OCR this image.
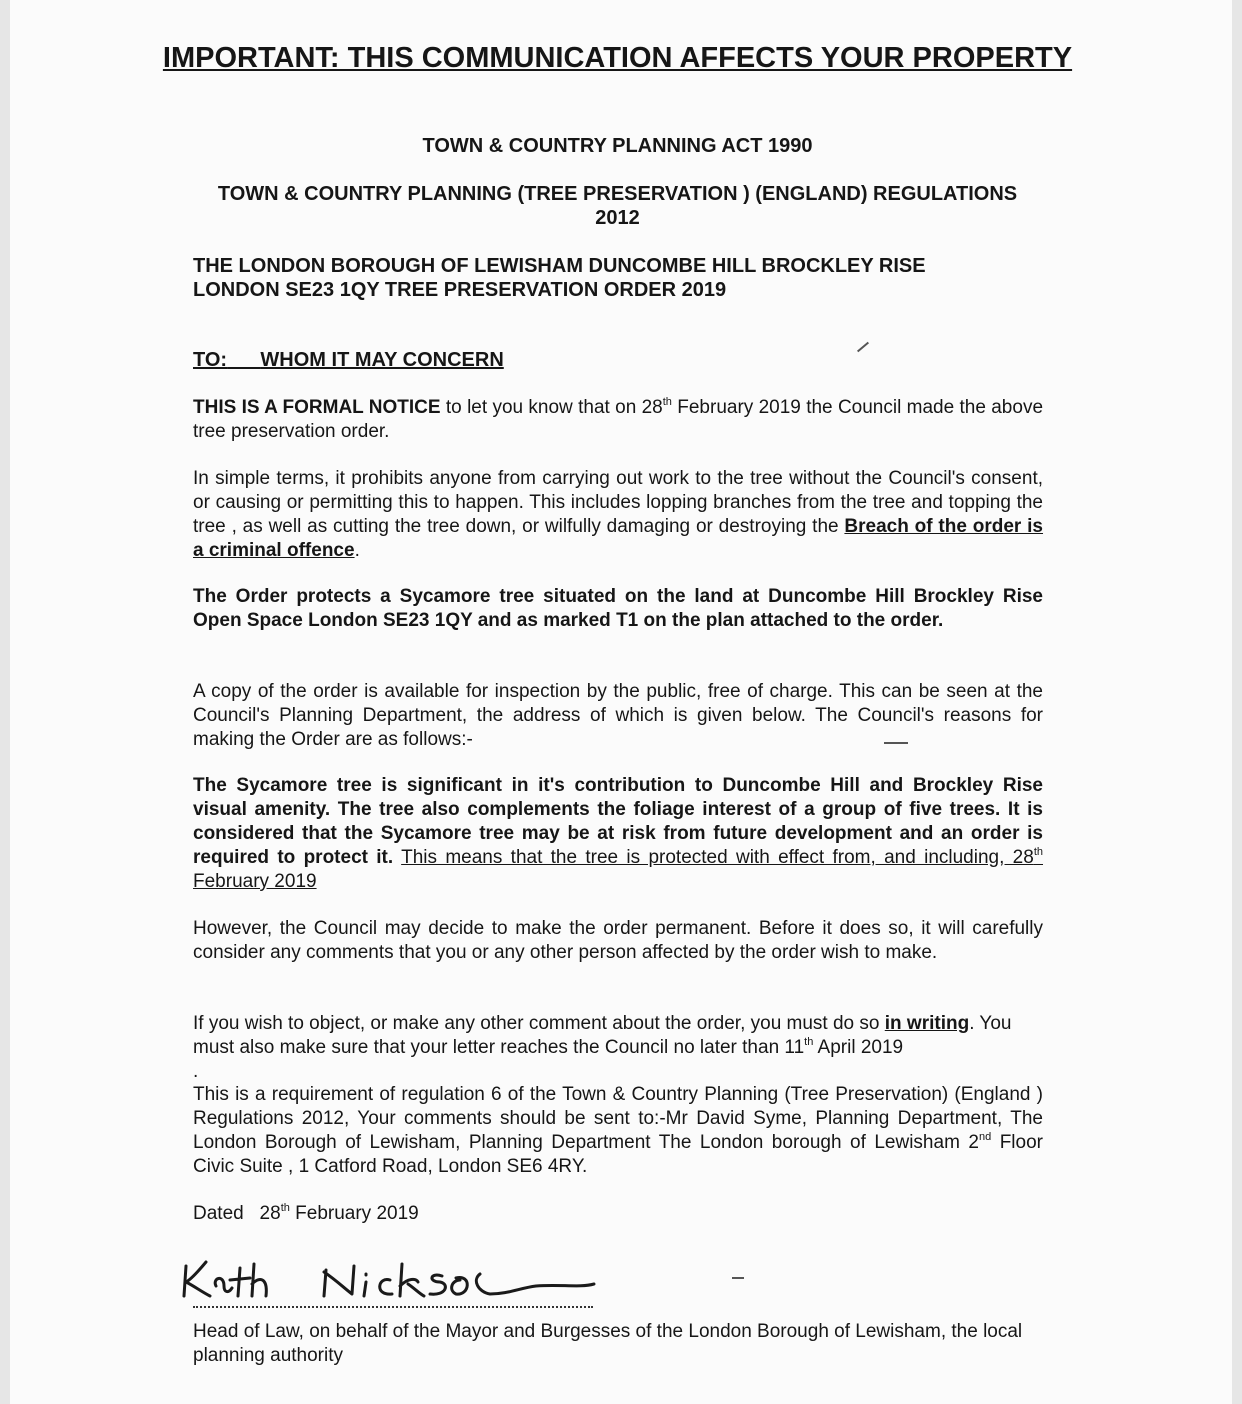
IMPORTANT: THIS COMMUNICATION AFFECTS YOUR PROPERTY

TOWN & COUNTRY PLANNING ACT 1990

TOWN & COUNTRY PLANNING (TREE PRESERVATION ) (ENGLAND) REGULATIONS 2012

THE LONDON BOROUGH OF LEWISHAM DUNCOMBE HILL BROCKLEY RISE
LONDON SE23 1QY TREE PRESERVATION ORDER 2019

TO: WHOM IT MAY CONCERN

THIS IS A FORMAL NOTICE to let you know that on 28th February 2019 the Council made the above tree preservation order.

In simple terms, it prohibits anyone from carrying out work to the tree without the Council's consent, or causing or permitting this to happen. This includes lopping branches from the tree and topping the tree , as well as cutting the tree down, or wilfully damaging or destroying the Breach of the order is a criminal offence.

The Order protects a Sycamore tree situated on the land at Duncombe Hill Brockley Rise Open Space London SE23 1QY and as marked T1 on the plan attached to the order.

A copy of the order is available for inspection by the public, free of charge. This can be seen at the Council's Planning Department, the address of which is given below. The Council's reasons for making the Order are as follows:-

The Sycamore tree is significant in it's contribution to Duncombe Hill and Brockley Rise visual amenity. The tree also complements the foliage interest of a group of five trees. It is considered that the Sycamore tree may be at risk from future development and an order is required to protect it. This means that the tree is protected with effect from, and including, 28th February 2019

However, the Council may decide to make the order permanent. Before it does so, it will carefully consider any comments that you or any other person affected by the order wish to make.

If you wish to object, or make any other comment about the order, you must do so in writing. You must also make sure that your letter reaches the Council no later than 11th April 2019
.

This is a requirement of regulation 6 of the Town & Country Planning (Tree Preservation) (England ) Regulations 2012, Your comments should be sent to:-Mr David Syme, Planning Department, The London Borough of Lewisham, Planning Department The London borough of Lewisham 2nd Floor Civic Suite , 1 Catford Road, London SE6 4RY.

Dated 28th February 2019

Head of Law, on behalf of the Mayor and Burgesses of the London Borough of Lewisham, the local planning authority
